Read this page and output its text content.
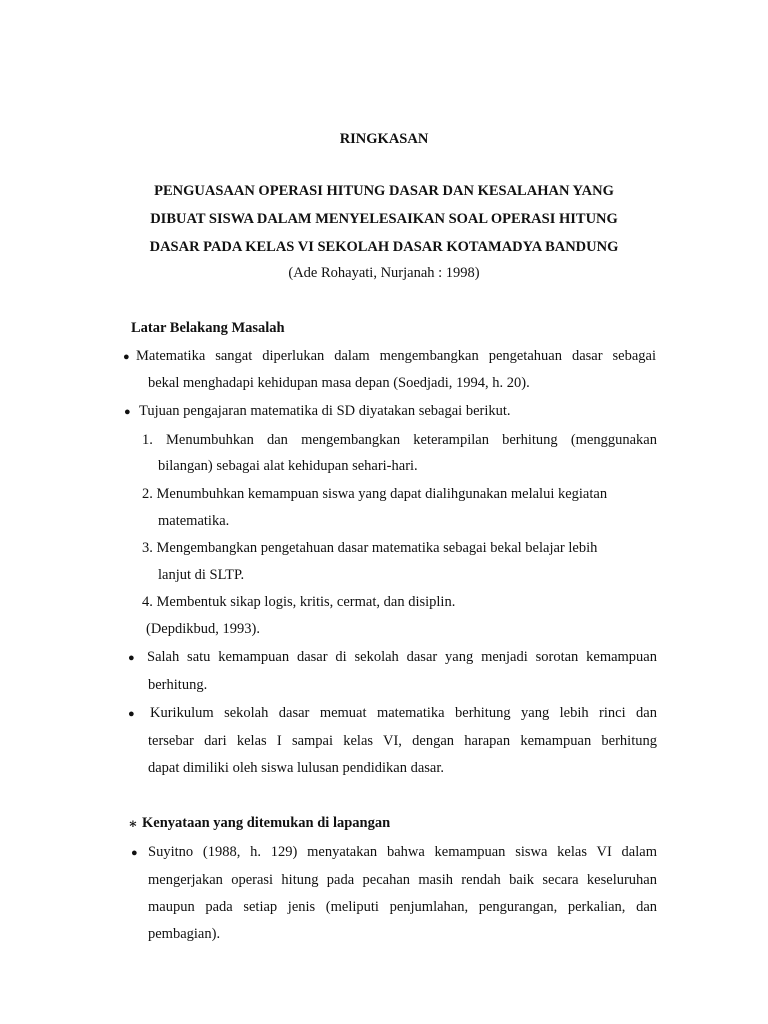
RINGKASAN
PENGUASAAN OPERASI HITUNG DASAR DAN KESALAHAN YANG
DIBUAT SISWA DALAM MENYELESAIKAN SOAL OPERASI HITUNG
DASAR PADA KELAS VI SEKOLAH DASAR KOTAMADYA BANDUNG
(Ade Rohayati, Nurjanah : 1998)
Latar Belakang Masalah
● Matematika sangat diperlukan dalam mengembangkan pengetahuan dasar sebagai
bekal menghadapi kehidupan masa depan (Soedjadi, 1994, h. 20).
● Tujuan pengajaran matematika di SD diyatakan sebagai berikut.
1. Menumbuhkan dan mengembangkan keterampilan berhitung (menggunakan
bilangan) sebagai alat kehidupan sehari-hari.
2. Menumbuhkan kemampuan siswa yang dapat dialihgunakan melalui kegiatan
matematika.
3. Mengembangkan pengetahuan dasar matematika sebagai bekal belajar lebih
lanjut di SLTP.
4. Membentuk sikap logis, kritis, cermat, dan disiplin.
(Depdikbud, 1993).
● Salah satu kemampuan dasar di sekolah dasar yang menjadi sorotan kemampuan
berhitung.
● Kurikulum sekolah dasar memuat matematika berhitung yang lebih rinci dan
tersebar dari kelas I sampai kelas VI, dengan harapan kemampuan berhitung
dapat dimiliki oleh siswa lulusan pendidikan dasar.
∗ Kenyataan yang ditemukan di lapangan
● Suyitno (1988, h. 129) menyatakan bahwa kemampuan siswa kelas VI dalam
mengerjakan operasi hitung pada pecahan masih rendah baik secara keseluruhan
maupun pada setiap jenis (meliputi penjumlahan, pengurangan, perkalian, dan
pembagian).
